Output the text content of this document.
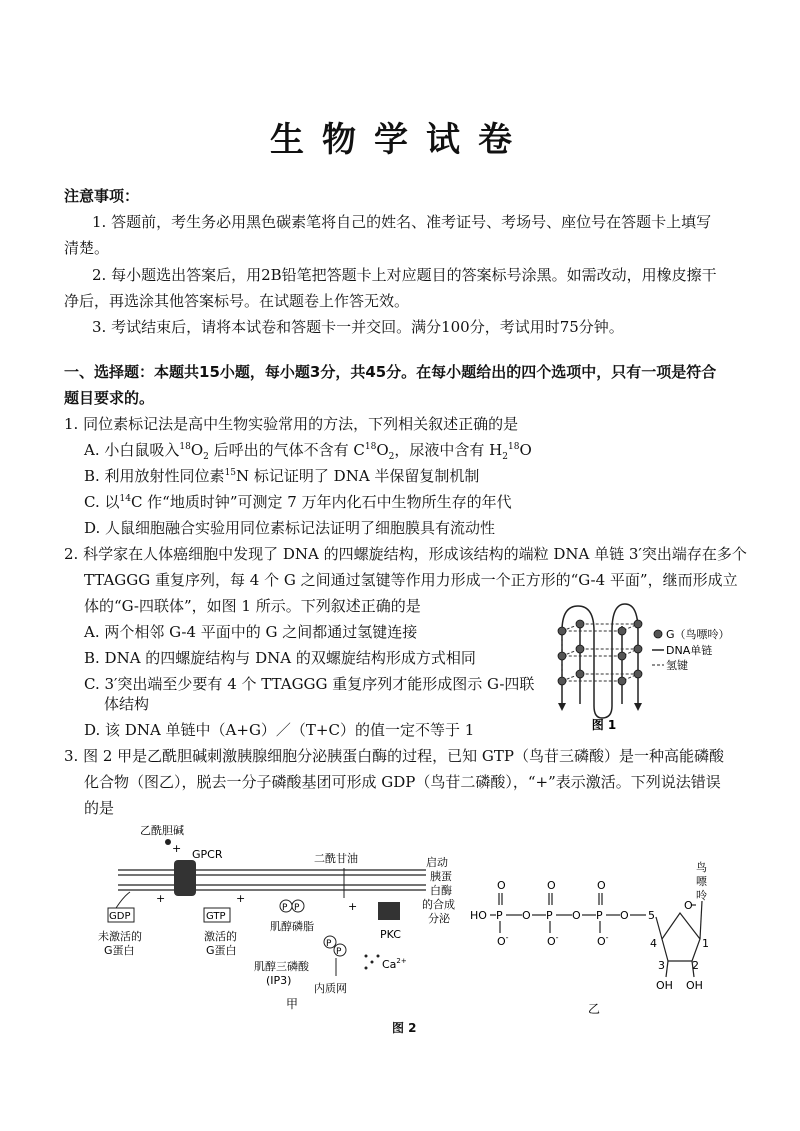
生物学试卷
注意事项：
1. 答题前，考生务必用黑色碳素笔将自己的姓名、准考证号、考场号、座位号在答题卡上填写
清楚。
2. 每小题选出答案后，用2B铅笔把答题卡上对应题目的答案标号涂黑。如需改动，用橡皮擦干
净后，再选涂其他答案标号。在试题卷上作答无效。
3. 考试结束后，请将本试卷和答题卡一并交回。满分100分，考试用时75分钟。
一、选择题：本题共15小题，每小题3分，共45分。在每小题给出的四个选项中，只有一项是符合
题目要求的。
1. 同位素标记法是高中生物实验常用的方法，下列相关叙述正确的是
A. 小白鼠吸入$^{18}O_2$ 后呼出的气体不含有 $C^{18}O_2$，尿液中含有 $H_2^{18}O$
B. 利用放射性同位素$^{15}$N 标记证明了 DNA 半保留复制机制
C. 以$^{14}$C 作“地质时钟”可测定 7 万年内化石中生物所生存的年代
D. 人鼠细胞融合实验用同位素标记法证明了细胞膜具有流动性
2. 科学家在人体癌细胞中发现了 DNA 的四螺旋结构，形成该结构的端粒 DNA 单链 3′突出端存在多个
TTAGGG 重复序列，每 4 个 G 之间通过氢键等作用力形成一个正方形的“G-4 平面”，继而形成立
体的“G-四联体”，如图 1 所示。下列叙述正确的是
A. 两个相邻 G-4 平面中的 G 之间都通过氢键连接
B. DNA 的四螺旋结构与 DNA 的双螺旋结构形成方式相同
C. 3′突出端至少要有 4 个 TTAGGG 重复序列才能形成图示 G-四联
体结构
D. 该 DNA 单链中（A+G）／（T+C）的值一定不等于 1
G（鸟嘌呤）
DNA单链
氢键
图 1
3. 图 2 甲是乙酰胆碱刺激胰腺细胞分泌胰蛋白酶的过程，已知 GTP（鸟苷三磷酸）是一种高能磷酸
化合物（图乙），脱去一分子磷酸基团可形成 GDP（鸟苷二磷酸），“+”表示激活。下列说法错误
的是
乙酰胆碱
+ GPCR
GDP
未激活的
G蛋白
+
GTP
激活的
G蛋白
+
P P
肌醇磷脂
二酰甘油
+
P
P
肌醇三磷酸
(IP3)
内质网
PKC
$Ca^{2+}$
启动
胰蛋
白酶
的合成
分泌
甲
HO P
O
O-
O P
O
O-
O P
O
O-
O 5
O
4	1
3 2
OH OH
鸟
嘌
呤
乙
图 2
